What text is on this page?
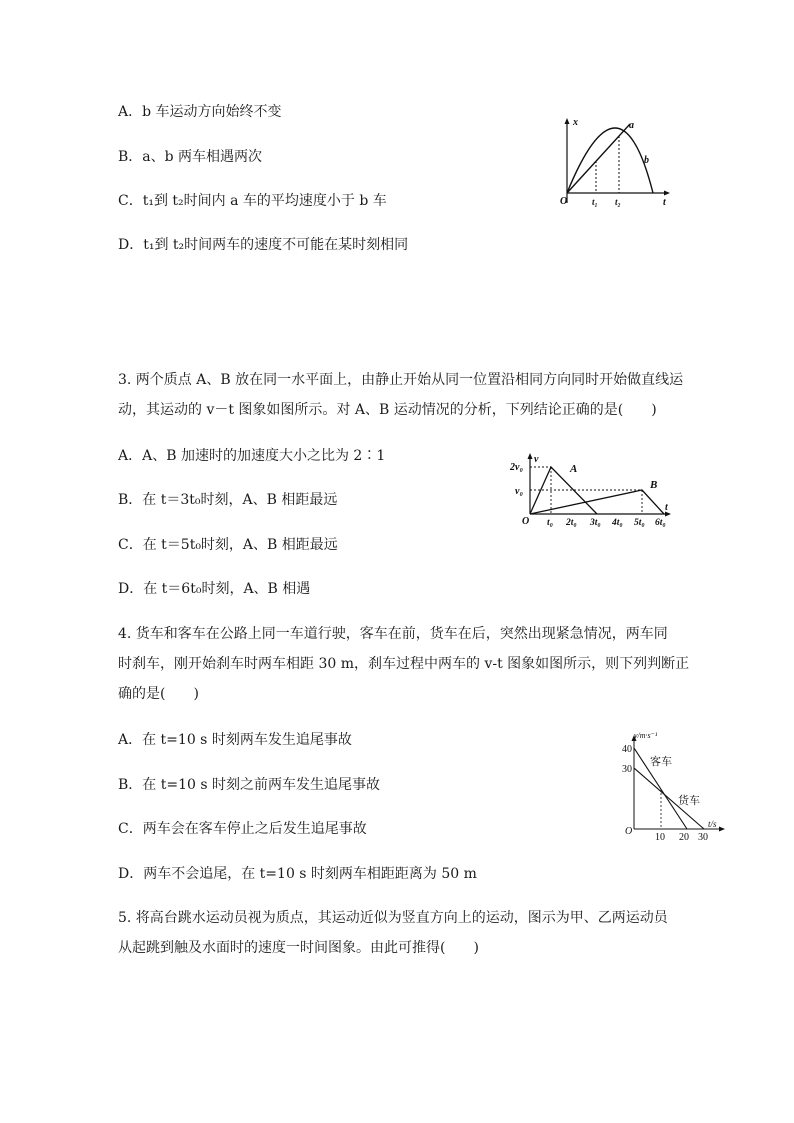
A．b 车运动方向始终不变
B．a、b 两车相遇两次
C．t₁到 t₂时间内 a 车的平均速度小于 b 车
D．t₁到 t₂时间两车的速度不可能在某时刻相同
x	a
b
O	t₁ t₂	t
3. 两个质点 A、B 放在同一水平面上，由静止开始从同一位置沿相同方向同时开始做直线运
动，其运动的 v－t 图象如图所示。对 A、B 运动情况的分析，下列结论正确的是(　　)
A．A、B 加速时的加速度大小之比为 2∶1
B．在 t＝3t₀时刻，A、B 相距最远
C．在 t＝5t₀时刻，A、B 相距最远
D．在 t＝6t₀时刻，A、B 相遇
v
2v₀
v₀
A
B
t
O t₀ 2t₀ 3t₀ 4t₀ 5t₀ 6t₀
4. 货车和客车在公路上同一车道行驶，客车在前，货车在后，突然出现紧急情况，两车同
时刹车，刚开始刹车时两车相距 30 m，刹车过程中两车的 v-t 图象如图所示，则下列判断正
确的是(　　)
A．在 t=10 s 时刻两车发生追尾事故
B．在 t=10 s 时刻之前两车发生追尾事故
C．两车会在客车停止之后发生追尾事故
D．两车不会追尾，在 t=10 s 时刻两车相距距离为 50 m
v/m·s⁻¹
40
30
客车
货车
t/s
O
10 20 30
5. 将高台跳水运动员视为质点，其运动近似为竖直方向上的运动，图示为甲、乙两运动员
从起跳到触及水面时的速度一时间图象。由此可推得(　　)
